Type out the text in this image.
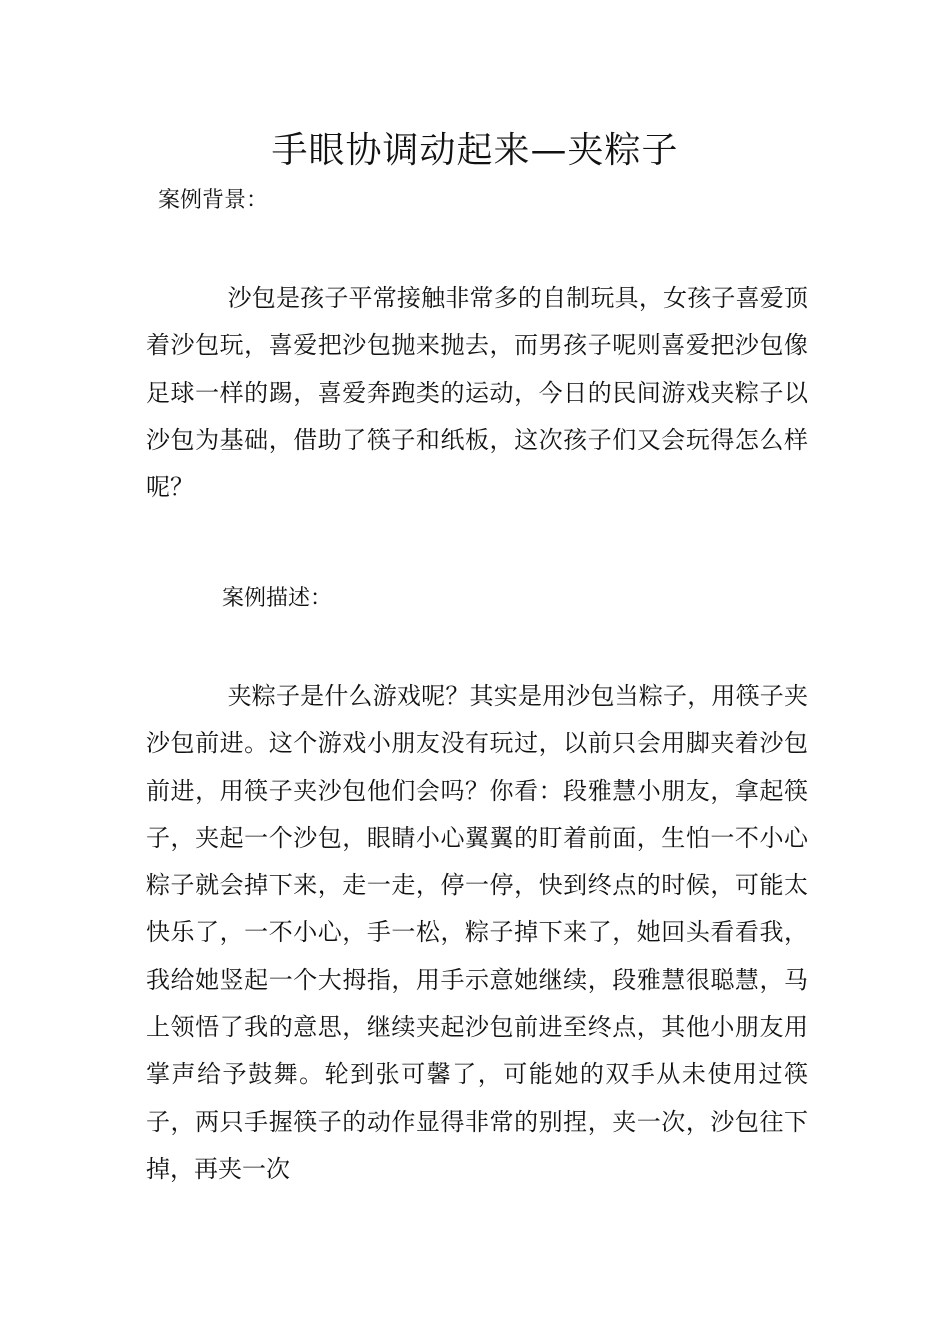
手眼协调动起来—夹粽子

案例背景：

沙包是孩子平常接触非常多的自制玩具，女孩子喜爱顶着沙包玩，喜爱把沙包抛来抛去，而男孩子呢则喜爱把沙包像足球一样的踢，喜爱奔跑类的运动，今日的民间游戏夹粽子以沙包为基础，借助了筷子和纸板，这次孩子们又会玩得怎么样呢？

案例描述：

夹粽子是什么游戏呢？其实是用沙包当粽子，用筷子夹沙包前进。这个游戏小朋友没有玩过，以前只会用脚夹着沙包前进，用筷子夹沙包他们会吗？你看：段雅慧小朋友，拿起筷子，夹起一个沙包，眼睛小心翼翼的盯着前面，生怕一不小心粽子就会掉下来，走一走，停一停，快到终点的时候，可能太快乐了，一不小心，手一松，粽子掉下来了，她回头看看我，我给她竖起一个大拇指，用手示意她继续，段雅慧很聪慧，马上领悟了我的意思，继续夹起沙包前进至终点，其他小朋友用掌声给予鼓舞。轮到张可馨了，可能她的双手从未使用过筷子，两只手握筷子的动作显得非常的别捏，夹一次，沙包往下掉，再夹一次
